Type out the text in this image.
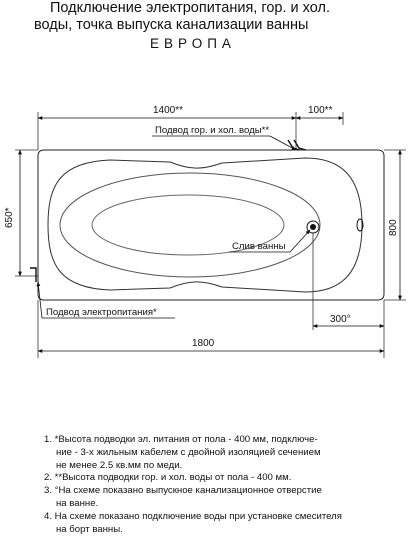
Подключение электропитания, гор. и хол.
воды, точка выпуска канализации ванны
ЕВРОПА
1400**	100**
650*	800
300°
1800
Подвод гор. и хол. воды**
Слив ванны
Подвод электропитания*
1. *Высота подводки эл. питания от пола - 400 мм, подключе-
ние - 3-х жильным кабелем с двойной изоляцией сечением
не менее 2.5 кв.мм по меди.
2. **Высота подводки гор. и хол. воды от пола - 400 мм.
3. °На схеме показано выпускное канализационное отверстие
на ванне.
4. На схеме показано подключение воды при установке смесителя
на борт ванны.
